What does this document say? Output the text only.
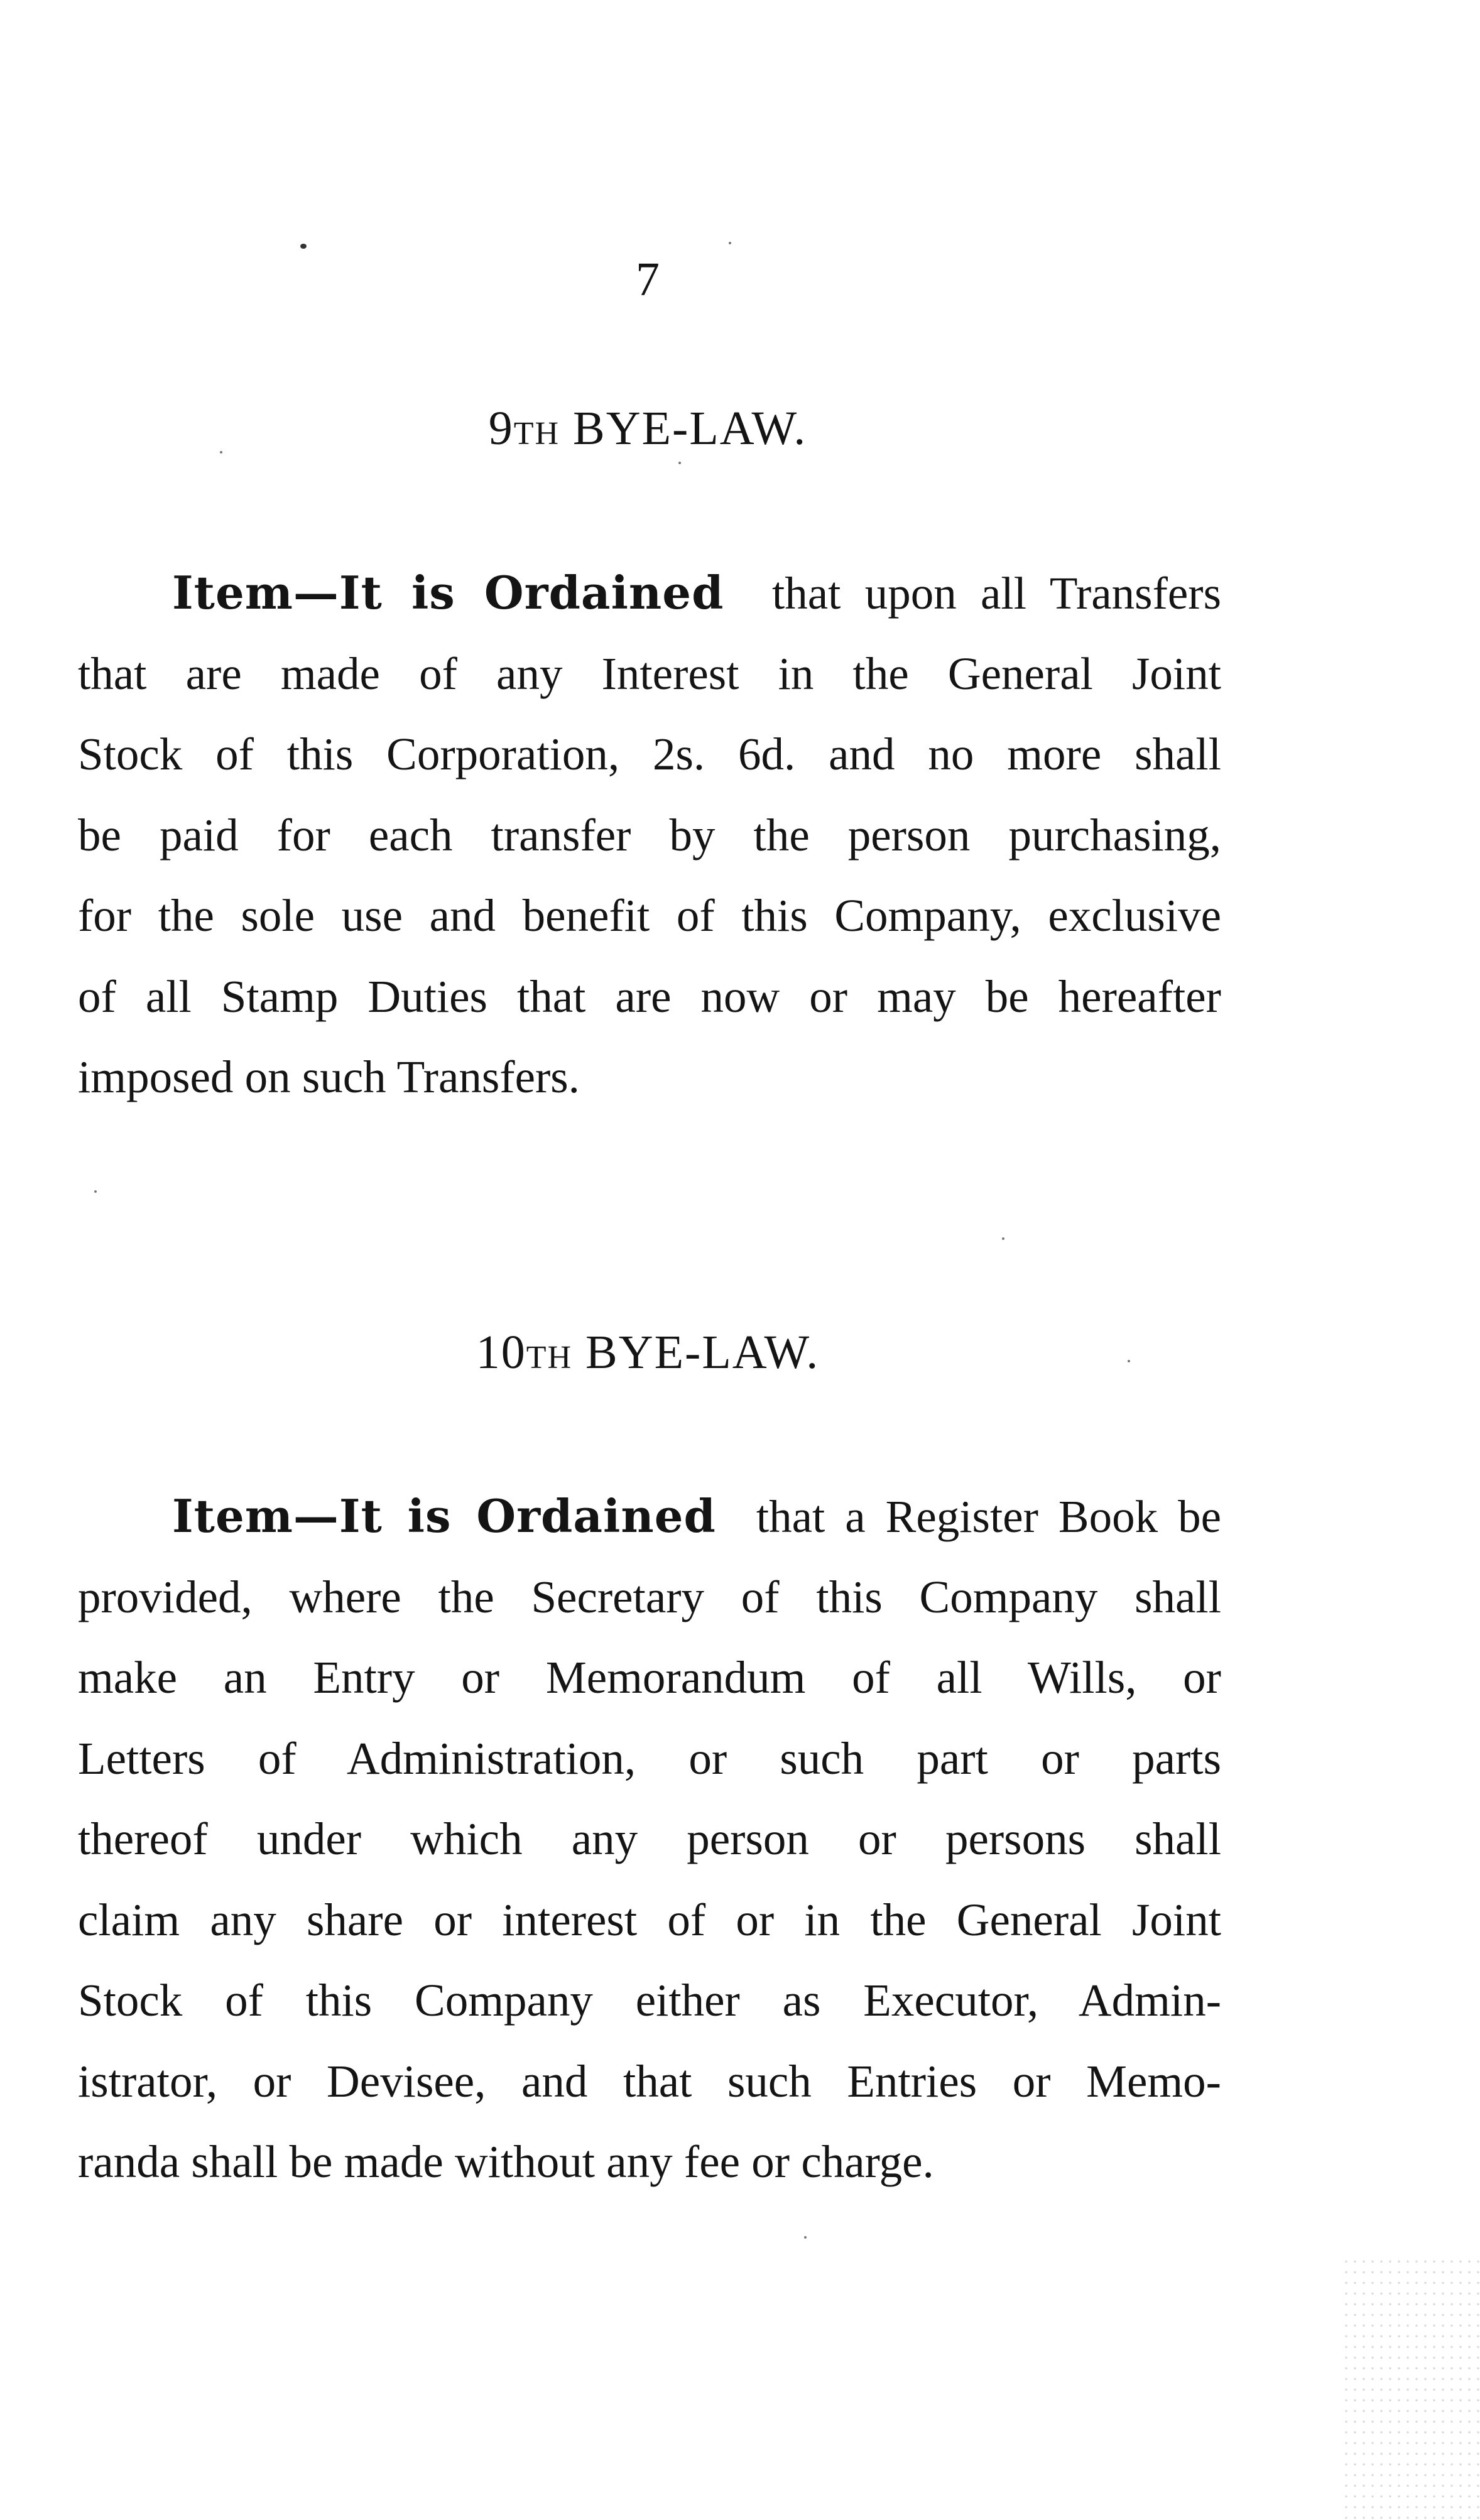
7
9TH BYE-LAW.
Item—It is Ordained that upon all Transfers
that are made of any Interest in the General Joint
Stock of this Corporation, 2s. 6d. and no more shall
be paid for each transfer by the person purchasing,
for the sole use and benefit of this Company, exclusive
of all Stamp Duties that are now or may be hereafter
imposed on such Transfers.
10TH BYE-LAW.
Item—It is Ordained that a Register Book be
provided, where the Secretary of this Company shall
make an Entry or Memorandum of all Wills, or
Letters of Administration, or such part or parts
thereof under which any person or persons shall
claim any share or interest of or in the General Joint
Stock of this Company either as Executor, Admin-
istrator, or Devisee, and that such Entries or Memo-
randa shall be made without any fee or charge.
